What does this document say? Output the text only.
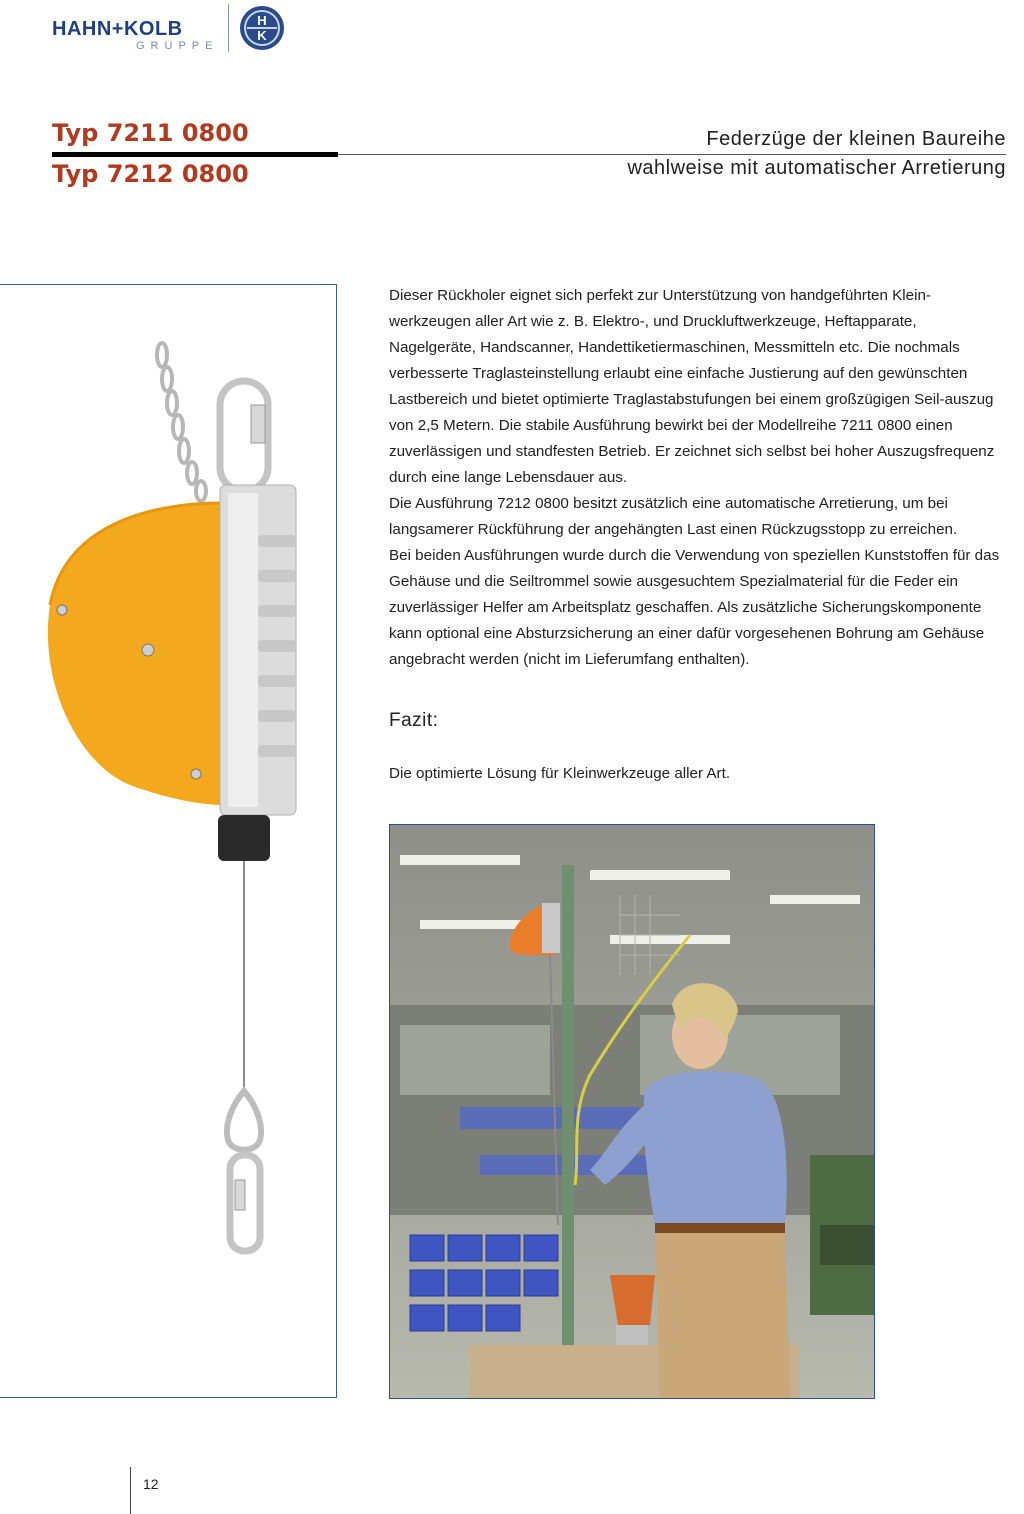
HAHN+KOLB
GRUPPE
H
K
Typ 7211 0800
Typ 7212 0800
Federzüge der kleinen Baureihe
wahlweise mit automatischer Arretierung

Dieser Rückholer eignet sich perfekt zur Unterstützung von handgeführten Klein-werkzeugen aller Art wie z. B. Elektro-, und Druckluftwerkzeuge, Heftapparate, Nagelgeräte, Handscanner, Handettiketiermaschinen, Messmitteln etc. Die nochmals verbesserte Traglasteinstellung erlaubt eine einfache Justierung auf den gewünschten Lastbereich und bietet optimierte Traglastabstufungen bei einem großzügigen Seil-auszug von 2,5 Metern. Die stabile Ausführung bewirkt bei der Modellreihe 7211 0800 einen zuverlässigen und standfesten Betrieb. Er zeichnet sich selbst bei hoher Auszugsfrequenz durch eine lange Lebensdauer aus.

Die Ausführung 7212 0800 besitzt zusätzlich eine automatische Arretierung, um bei langsamerer Rückführung der angehängten Last einen Rückzugsstopp zu erreichen.

Bei beiden Ausführungen wurde durch die Verwendung von speziellen Kunststoffen für das Gehäuse und die Seiltrommel sowie ausgesuchtem Spezialmaterial für die Feder ein zuverlässiger Helfer am Arbeitsplatz geschaffen. Als zusätzliche Sicherungskomponente kann optional eine Absturzsicherung an einer dafür vorgesehenen Bohrung am Gehäuse angebracht werden (nicht im Lieferumfang enthalten).

Fazit:
Die optimierte Lösung für Kleinwerkzeuge aller Art.
12
